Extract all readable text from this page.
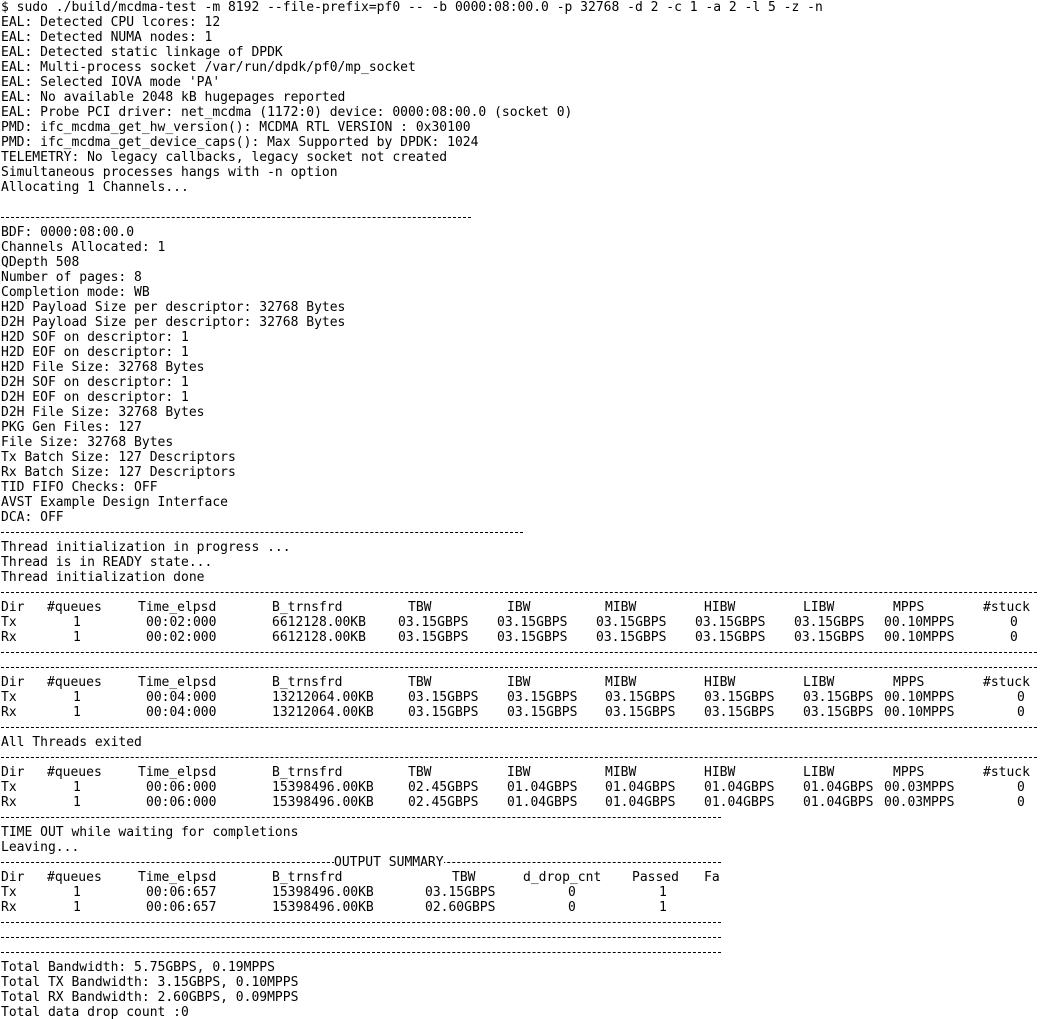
$ sudo ./build/mcdma-test -m 8192 --file-prefix=pf0 -- -b 0000:08:00.0 -p 32768 -d 2 -c 1 -a 2 -l 5 -z -n
EAL: Detected CPU lcores: 12
EAL: Detected NUMA nodes: 1
EAL: Detected static linkage of DPDK
EAL: Multi-process socket /var/run/dpdk/pf0/mp_socket
EAL: Selected IOVA mode 'PA'
EAL: No available 2048 kB hugepages reported
EAL: Probe PCI driver: net_mcdma (1172:0) device: 0000:08:00.0 (socket 0)
PMD: ifc_mcdma_get_hw_version(): MCDMA RTL VERSION : 0x30100
PMD: ifc_mcdma_get_device_caps(): Max Supported by DPDK: 1024
TELEMETRY: No legacy callbacks, legacy socket not created
Simultaneous processes hangs with -n option
Allocating 1 Channels...
BDF: 0000:08:00.0
Channels Allocated: 1
QDepth 508
Number of pages: 8
Completion mode: WB
H2D Payload Size per descriptor: 32768 Bytes
D2H Payload Size per descriptor: 32768 Bytes
H2D SOF on descriptor: 1
H2D EOF on descriptor: 1
H2D File Size: 32768 Bytes
D2H SOF on descriptor: 1
D2H EOF on descriptor: 1
D2H File Size: 32768 Bytes
PKG Gen Files: 127
File Size: 32768 Bytes
Tx Batch Size: 127 Descriptors
Rx Batch Size: 127 Descriptors
TID FIFO Checks: OFF
AVST Example Design Interface
DCA: OFF
Thread initialization in progress ...
Thread is in READY state...
Thread initialization done
Dir #queues	Time_elpsd	B_trnsfrd	TBW	IBW	MIBW	HIBW	LIBW	MPPS	#stuck
Tx	1	00:02:000	6612128.00KB 03.15GBPS 03.15GBPS 03.15GBPS 03.15GBPS 03.15GBPS 00.10MPPS	0
Rx	1	00:02:000	6612128.00KB 03.15GBPS 03.15GBPS 03.15GBPS 03.15GBPS 03.15GBPS 00.10MPPS	0
Dir #queues	Time_elpsd	B_trnsfrd	TBW	IBW	MIBW	HIBW	LIBW	MPPS	#stuck
Tx	1	00:04:000	13212064.00KB	03.15GBPS 03.15GBPS 03.15GBPS 03.15GBPS 03.15GBPS 00.10MPPS	0
Rx	1	00:04:000	13212064.00KB	03.15GBPS 03.15GBPS 03.15GBPS 03.15GBPS 03.15GBPS 00.10MPPS	0
All Threads exited
Dir #queues	Time_elpsd	B_trnsfrd	TBW	IBW	MIBW	HIBW	LIBW	MPPS	#stuck
Tx	1	00:06:000	15398496.00KB	02.45GBPS 01.04GBPS 01.04GBPS 01.04GBPS 01.04GBPS 00.03MPPS	0
Rx	1	00:06:000	15398496.00KB	02.45GBPS 01.04GBPS 01.04GBPS 01.04GBPS 01.04GBPS 00.03MPPS	0
TIME OUT while waiting for completions
Leaving...
OUTPUT SUMMARY
Dir #queues	Time_elpsd	B_trnsfrd	TBW	d_drop_cnt Passed Fa
Tx	1	00:06:657	15398496.00KB	03.15GBPS	0	1
Rx	1	00:06:657	15398496.00KB	02.60GBPS	0	1
Total Bandwidth: 5.75GBPS, 0.19MPPS
Total TX Bandwidth: 3.15GBPS, 0.10MPPS
Total RX Bandwidth: 2.60GBPS, 0.09MPPS
Total data drop count :0
